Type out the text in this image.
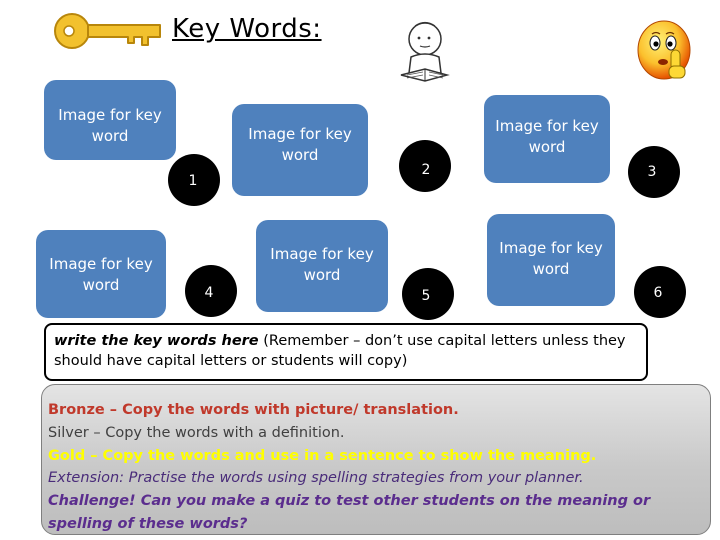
Key Words:
Image for key word	Image for key word
Image for key word
Image for key word
Image for key word
Image for key word
1
2	3
4	5	6
write the key words here (Remember – don’t use capital letters unless they should have capital letters or students will copy)
Bronze – Copy the words with picture/ translation.
Silver – Copy the words with a definition.
Gold – Copy the words and use in a sentence to show the meaning.
Extension: Practise the words using spelling strategies from your planner.
Challenge! Can you make a quiz to test other students on the meaning or spelling of these words?
